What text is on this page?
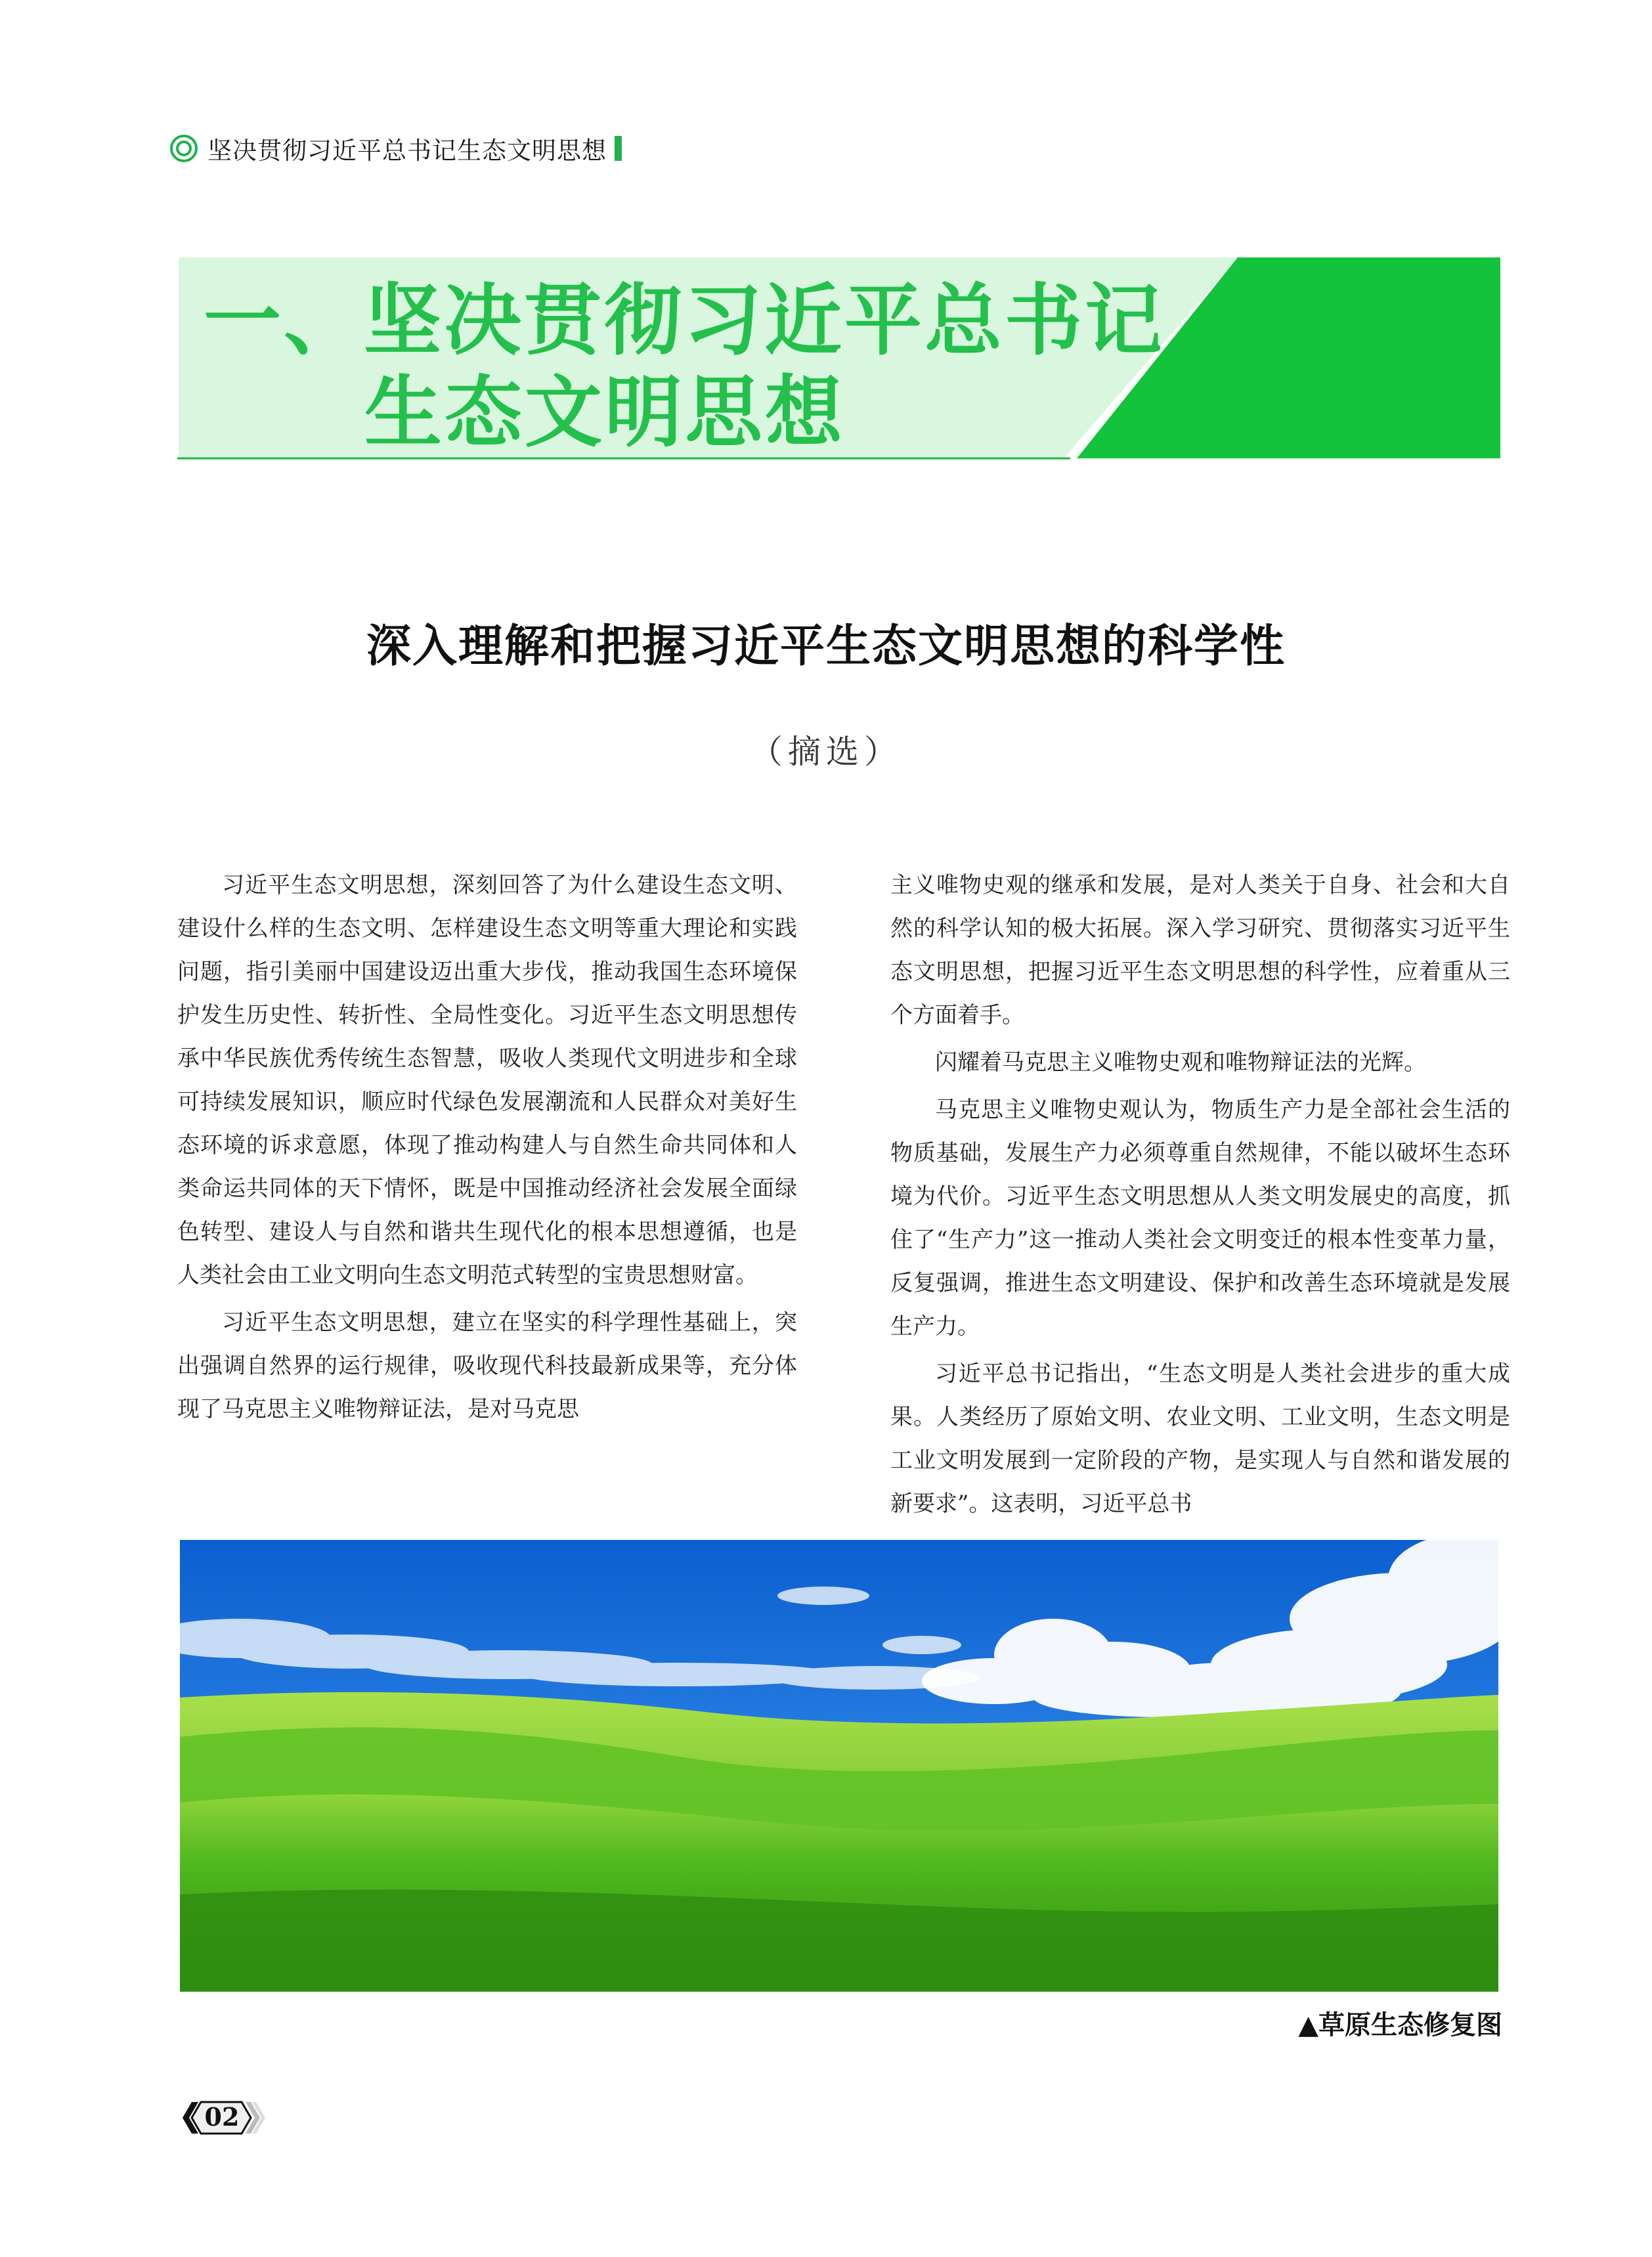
坚决贯彻习近平总书记生态文明思想
一、坚决贯彻习近平总书记
生态文明思想
深入理解和把握习近平生态文明思想的科学性
（摘选）

习近平生态文明思想，深刻回答了为什么建设生态文明、建设什么样的生态文明、怎样建设生态文明等重大理论和实践问题，指引美丽中国建设迈出重大步伐，推动我国生态环境保护发生历史性、转折性、全局性变化。习近平生态文明思想传承中华民族优秀传统生态智慧，吸收人类现代文明进步和全球可持续发展知识，顺应时代绿色发展潮流和人民群众对美好生态环境的诉求意愿，体现了推动构建人与自然生命共同体和人类命运共同体的天下情怀，既是中国推动经济社会发展全面绿色转型、建设人与自然和谐共生现代化的根本思想遵循，也是人类社会由工业文明向生态文明范式转型的宝贵思想财富。

习近平生态文明思想，建立在坚实的科学理性基础上，突出强调自然界的运行规律，吸收现代科技最新成果等，充分体现了马克思主义唯物辩证法，是对马克思

主义唯物史观的继承和发展，是对人类关于自身、社会和大自然的科学认知的极大拓展。深入学习研究、贯彻落实习近平生态文明思想，把握习近平生态文明思想的科学性，应着重从三个方面着手。

闪耀着马克思主义唯物史观和唯物辩证法的光辉。

马克思主义唯物史观认为，物质生产力是全部社会生活的物质基础，发展生产力必须尊重自然规律，不能以破坏生态环境为代价。习近平生态文明思想从人类文明发展史的高度，抓住了“生产力”这一推动人类社会文明变迁的根本性变革力量，反复强调，推进生态文明建设、保护和改善生态环境就是发展生产力。

习近平总书记指出，“生态文明是人类社会进步的重大成果。人类经历了原始文明、农业文明、工业文明，生态文明是工业文明发展到一定阶段的产物，是实现人与自然和谐发展的新要求”。这表明，习近平总书

▲草原生态修复图
02
